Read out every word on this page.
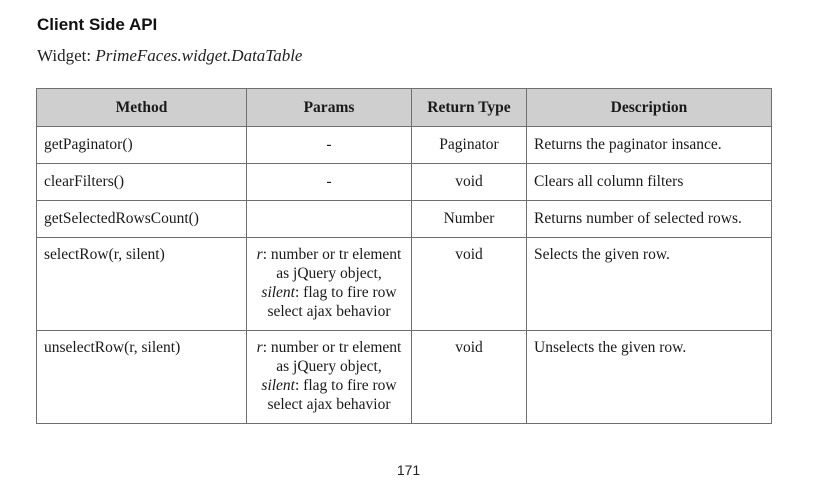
Client Side API

Widget: PrimeFaces.widget.DataTable

Method	Params	Return Type	Description
getPaginator()	-	Paginator	Returns the paginator insance.
clearFilters()	-	void	Clears all column filters
getSelectedRowsCount()		Number	Returns number of selected rows.
selectRow(r, silent)	r: number or tr element as jQuery object,
silent: flag to fire row select ajax behavior	void	Selects the given row.
unselectRow(r, silent)	r: number or tr element as jQuery object,
silent: flag to fire row select ajax behavior	void	Unselects the given row.
171
